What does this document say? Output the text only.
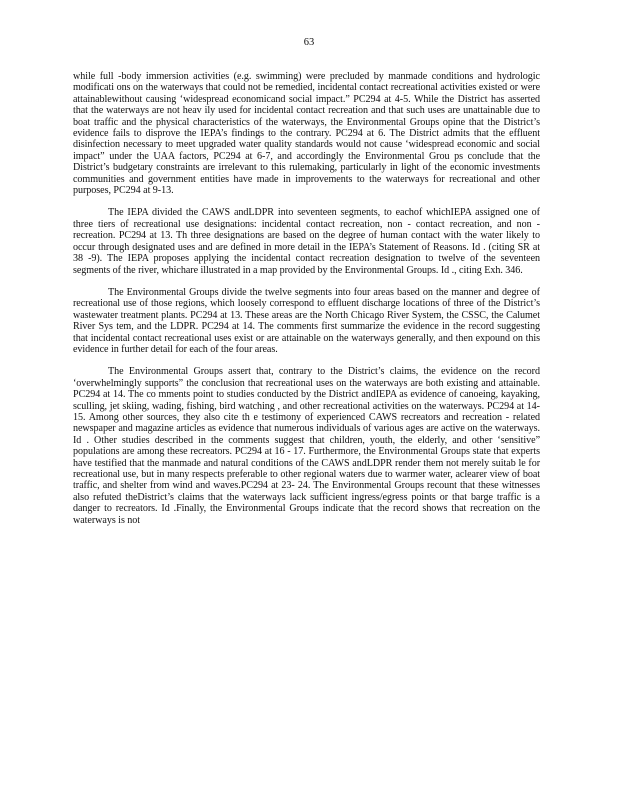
63

while full -body immersion activities (e.g. swimming) were precluded by manmade conditions and hydrologic modificati ons on the waterways that could not be remedied, incidental contact recreational activities existed or were attainablewithout causing ‘widespread economicand social impact.” PC294 at 4-5. While the District has asserted that the waterways are not heav ily used for incidental contact recreation and that such uses are unattainable due to boat traffic and the physical characteristics of the waterways, the Environmental Groups opine that the District’s evidence fails to disprove the IEPA’s findings to the contrary. PC294 at 6. The District admits that the effluent disinfection necessary to meet upgraded water quality standards would not cause ‘widespread economic and social impact” under the UAA factors, PC294 at 6-7, and accordingly the Environmental Grou ps conclude that the District’s budgetary constraints are irrelevant to this rulemaking, particularly in light of the economic investments communities and government entities have made in improvements to the waterways for recreational and other purposes, PC294 at 9-13.

The IEPA divided the CAWS andLDPR into seventeen segments, to eachof whichIEPA assigned one of three tiers of recreational use designations: incidental contact recreation, non - contact recreation, and non -recreation. PC294 at 13. Th three designations are based on the degree of human contact with the water likely to occur through designated uses and are defined in more detail in the IEPA’s Statement of Reasons. Id . (citing SR at 38 -9). The IEPA proposes applying the incidental contact recreation designation to twelve of the seventeen segments of the river, whichare illustrated in a map provided by the Environmental Groups. Id ., citing Exh. 346.

The Environmental Groups divide the twelve segments into four areas based on the manner and degree of recreational use of those regions, which loosely correspond to effluent discharge locations of three of the District’s wastewater treatment plants. PC294 at 13. These areas are the North Chicago River System, the CSSC, the Calumet River Sys tem, and the LDPR. PC294 at 14. The comments first summarize the evidence in the record suggesting that incidental contact recreational uses exist or are attainable on the waterways generally, and then expound on this evidence in further detail for each of the four areas.

The Environmental Groups assert that, contrary to the District’s claims, the evidence on the record ‘overwhelmingly supports” the conclusion that recreational uses on the waterways are both existing and attainable. PC294 at 14. The co mments point to studies conducted by the District andIEPA as evidence of canoeing, kayaking, sculling, jet skiing, wading, fishing, bird watching , and other recreational activities on the waterways. PC294 at 14-15. Among other sources, they also cite th e testimony of experienced CAWS recreators and recreation - related newspaper and magazine articles as evidence that numerous individuals of various ages are active on the waterways. Id . Other studies described in the comments suggest that children, youth, the elderly, and other ‘sensitive” populations are among these recreators. PC294 at 16 - 17. Furthermore, the Environmental Groups state that experts have testified that the manmade and natural conditions of the CAWS andLDPR render them not merely suitab le for recreational use, but in many respects preferable to other regional waters due to warmer water, aclearer view of boat traffic, and shelter from wind and waves.PC294 at 23- 24. The Environmental Groups recount that these witnesses also refuted theDistrict’s claims that the waterways lack sufficient ingress/egress points or that barge traffic is a danger to recreators. Id .Finally, the Environmental Groups indicate that the record shows that recreation on the waterways is not
